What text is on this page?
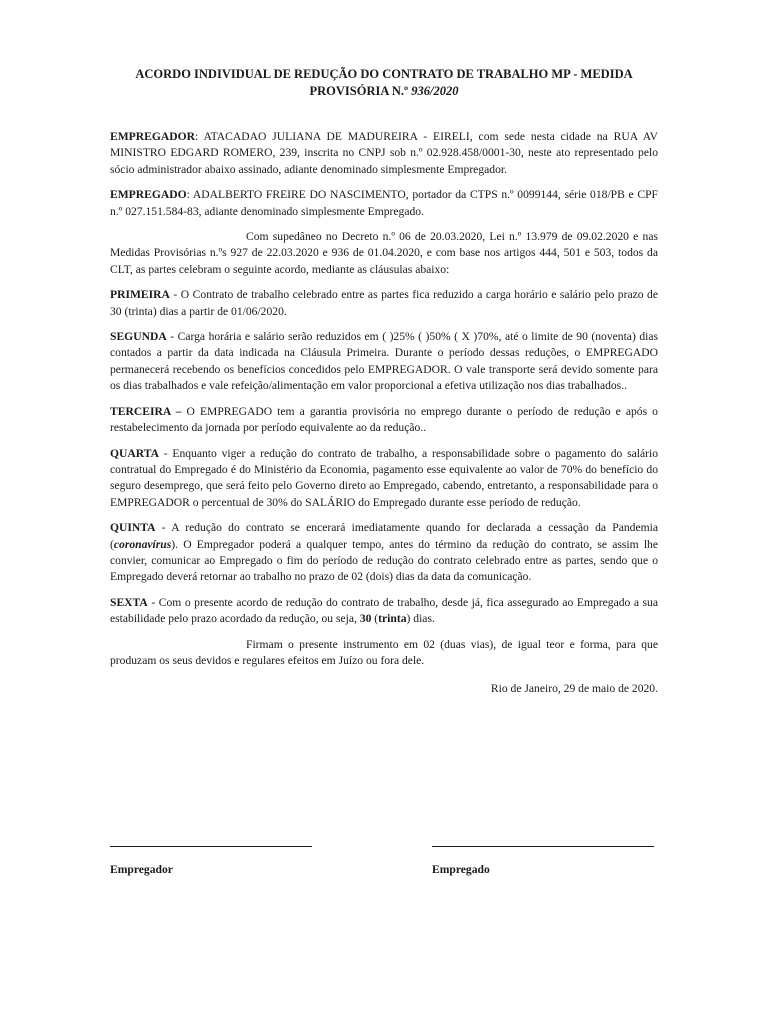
ACORDO INDIVIDUAL DE REDUÇÃO DO CONTRATO DE TRABALHO MP - MEDIDA
PROVISÓRIA N.º 936/2020

EMPREGADOR: ATACADAO JULIANA DE MADUREIRA - EIRELI, com sede nesta cidade na RUA AV MINISTRO EDGARD ROMERO, 239, inscrita no CNPJ sob n.º 02.928.458/0001-30, neste ato representado pelo sócio administrador abaixo assinado, adiante denominado simplesmente Empregador.

EMPREGADO: ADALBERTO FREIRE DO NASCIMENTO, portador da CTPS n.º 0099144, série 018/PB e CPF n.º 027.151.584-83, adiante denominado simplesmente Empregado.

Com supedâneo no Decreto n.º 06 de 20.03.2020, Lei n.º 13.979 de 09.02.2020 e nas Medidas Provisórias n.ºs 927 de 22.03.2020 e 936 de 01.04.2020, e com base nos artigos 444, 501 e 503, todos da CLT, as partes celebram o seguinte acordo, mediante as cláusulas abaixo:

PRIMEIRA - O Contrato de trabalho celebrado entre as partes fica reduzido a carga horário e salário pelo prazo de 30 (trinta) dias a partir de 01/06/2020.

SEGUNDA - Carga horária e salário serão reduzidos em ( )25% ( )50% ( X )70%, até o limite de 90 (noventa) dias contados a partir da data indicada na Cláusula Primeira. Durante o período dessas reduções, o EMPREGADO permanecerá recebendo os benefícios concedidos pelo EMPREGADOR. O vale transporte será devido somente para os dias trabalhados e vale refeição/alimentação em valor proporcional a efetiva utilização nos dias trabalhados..

TERCEIRA – O EMPREGADO tem a garantia provisória no emprego durante o período de redução e após o restabelecimento da jornada por período equivalente ao da redução..

QUARTA - Enquanto viger a redução do contrato de trabalho, a responsabilidade sobre o pagamento do salário contratual do Empregado é do Ministério da Economia, pagamento esse equivalente ao valor de 70% do benefício do seguro desemprego, que será feito pelo Governo direto ao Empregado, cabendo, entretanto, a responsabilidade para o EMPREGADOR o percentual de 30% do SALÁRIO do Empregado durante esse período de redução.

QUINTA - A redução do contrato se encerará imediatamente quando for declarada a cessação da Pandemia (coronavírus). O Empregador poderá a qualquer tempo, antes do término da redução do contrato, se assim lhe convier, comunicar ao Empregado o fim do período de redução do contrato celebrado entre as partes, sendo que o Empregado deverá retornar ao trabalho no prazo de 02 (dois) dias da data da comunicação.

SEXTA - Com o presente acordo de redução do contrato de trabalho, desde já, fica assegurado ao Empregado a sua estabilidade pelo prazo acordado da redução, ou seja, 30 (trinta) dias.

Firmam o presente instrumento em 02 (duas vias), de igual teor e forma, para que produzam os seus devidos e regulares efeitos em Juízo ou fora dele.

Rio de Janeiro, 29 de maio de 2020.

Empregador	Empregado
